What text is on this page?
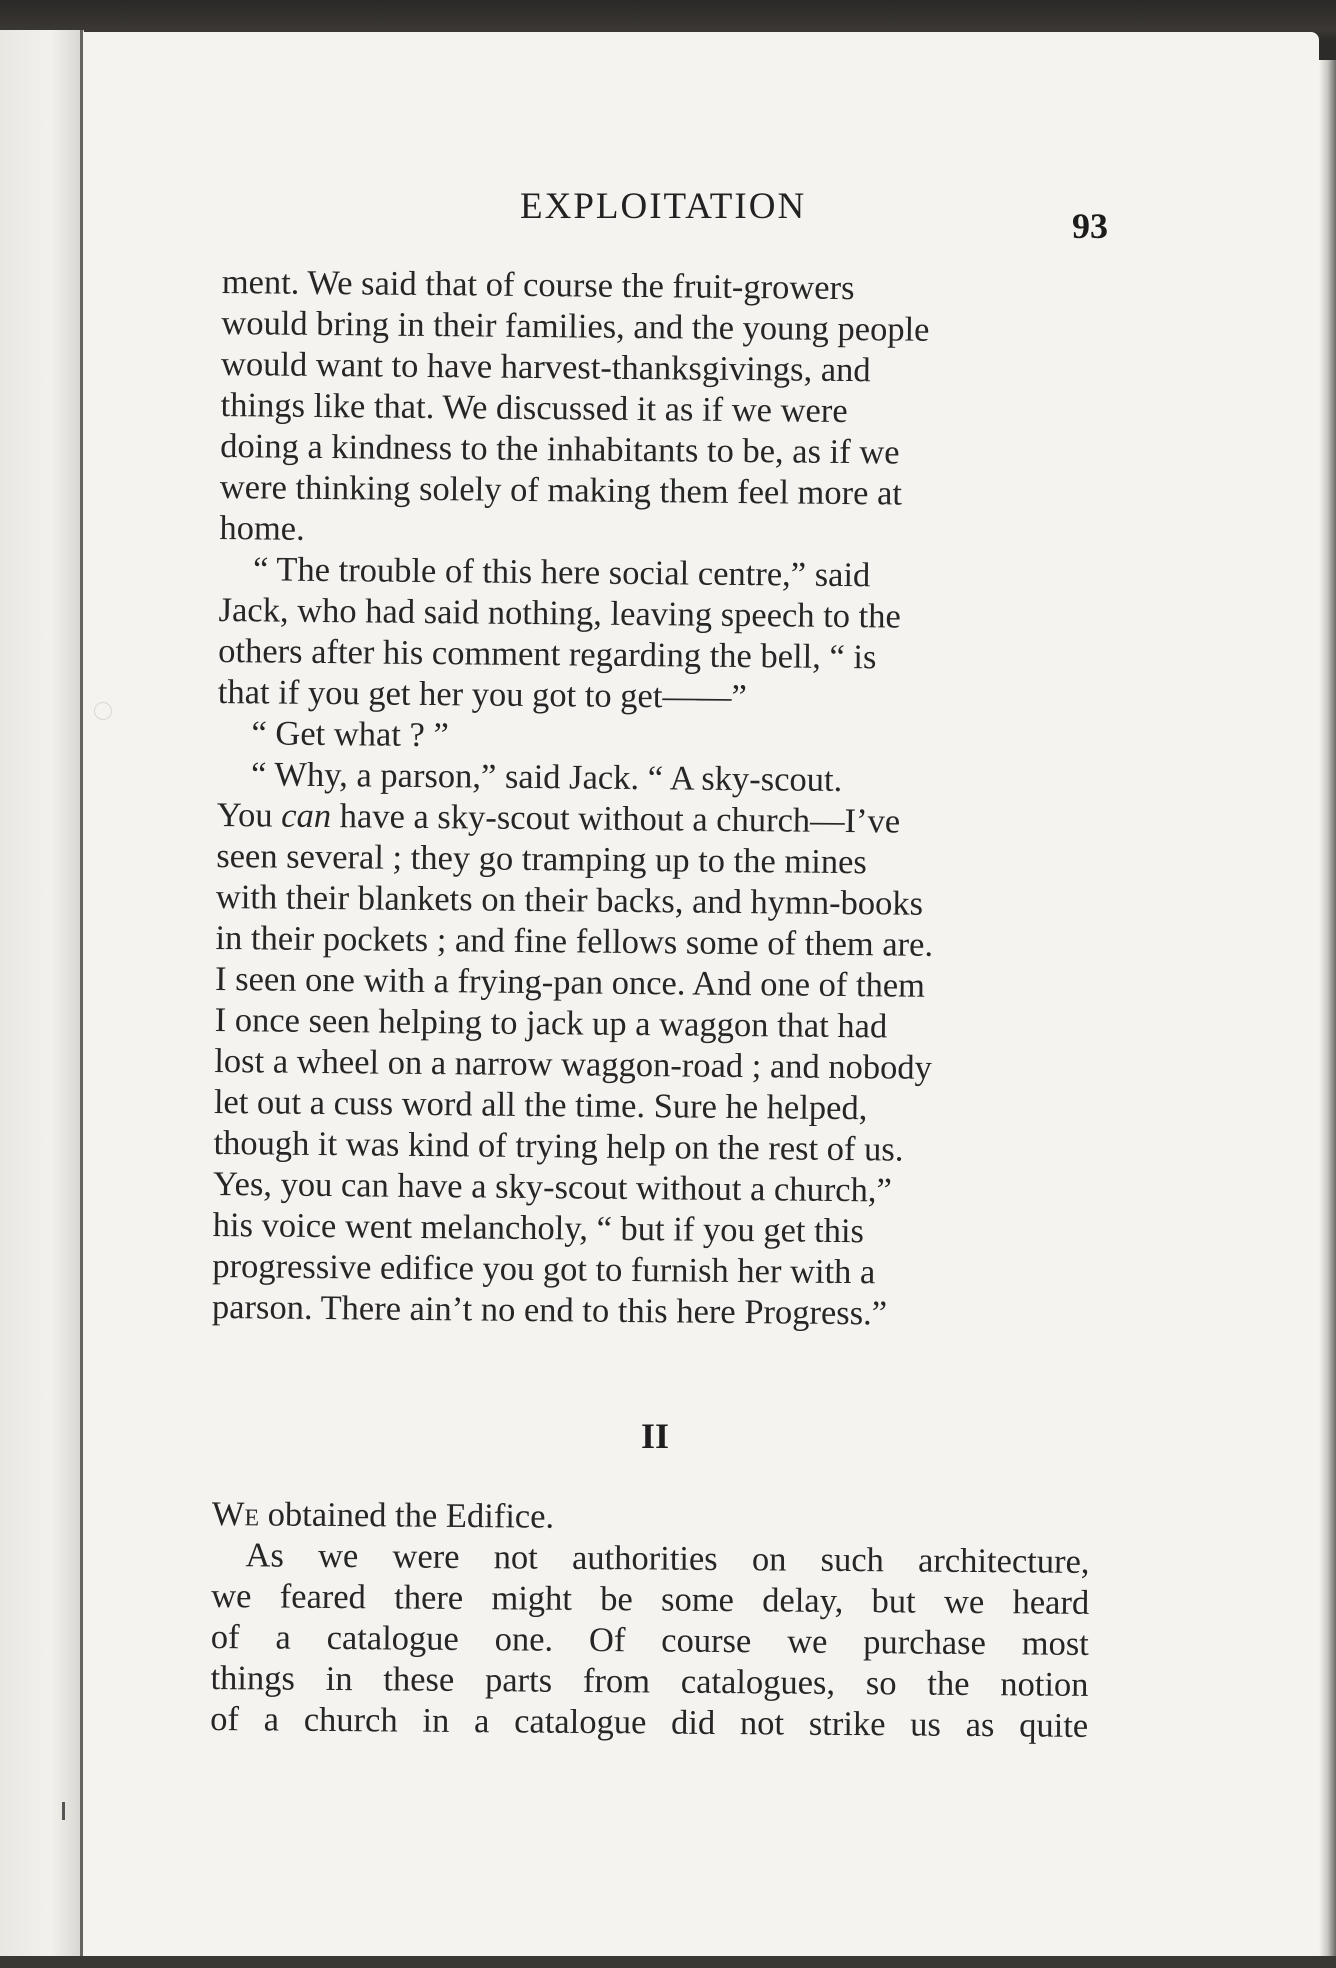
EXPLOITATION	93

ment. We said that of course the fruit-growers
would bring in their families, and the young people
would want to have harvest-thanksgivings, and
things like that. We discussed it as if we were
doing a kindness to the inhabitants to be, as if we
were thinking solely of making them feel more at
home.

“ The trouble of this here social centre,” said
Jack, who had said nothing, leaving speech to the
others after his comment regarding the bell, “ is
that if you get her you got to get——”

“ Get what ? ”

“ Why, a parson,” said Jack. “ A sky-scout.
You can have a sky-scout without a church—I’ve
seen several ; they go tramping up to the mines
with their blankets on their backs, and hymn-books
in their pockets ; and fine fellows some of them are.
I seen one with a frying-pan once. And one of them
I once seen helping to jack up a waggon that had
lost a wheel on a narrow waggon-road ; and nobody
let out a cuss word all the time. Sure he helped,
though it was kind of trying help on the rest of us.
Yes, you can have a sky-scout without a church,”
his voice went melancholy, “ but if you get this
progressive edifice you got to furnish her with a
parson. There ain’t no end to this here Progress.”

II

We obtained the Edifice.

As we were not authorities on such architecture,
we feared there might be some delay, but we heard
of a catalogue one. Of course we purchase most
things in these parts from catalogues, so the notion
of a church in a catalogue did not strike us as quite
